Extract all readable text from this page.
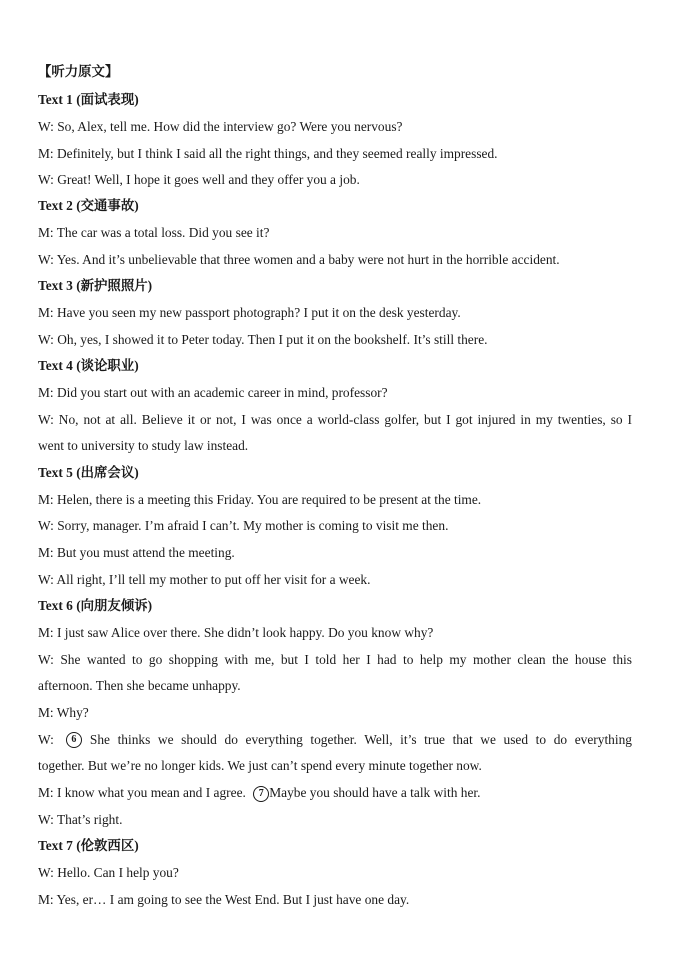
【听力原文】
Text 1 (面试表现)
W: So, Alex, tell me. How did the interview go? Were you nervous?
M: Definitely, but I think I said all the right things, and they seemed really impressed.
W: Great! Well, I hope it goes well and they offer you a job.
Text 2 (交通事故)
M: The car was a total loss. Did you see it?
W: Yes. And it’s unbelievable that three women and a baby were not hurt in the horrible accident.
Text 3 (新护照照片)
M: Have you seen my new passport photograph? I put it on the desk yesterday.
W: Oh, yes, I showed it to Peter today. Then I put it on the bookshelf. It’s still there.
Text 4 (谈论职业)
M: Did you start out with an academic career in mind, professor?
W: No, not at all. Believe it or not, I was once a world-class golfer, but I got injured in my twenties, so I
went to university to study law instead.
Text 5 (出席会议)
M: Helen, there is a meeting this Friday. You are required to be present at the time.
W: Sorry, manager. I’m afraid I can’t. My mother is coming to visit me then.
M: But you must attend the meeting.
W: All right, I’ll tell my mother to put off her visit for a week.
Text 6 (向朋友倾诉)
M: I just saw Alice over there. She didn’t look happy. Do you know why?
W: She wanted to go shopping with me, but I told her I had to help my mother clean the house this
afternoon. Then she became unhappy.
M: Why?
W:	6	She thinks we should do everything together. Well, it’s true that we used to do everything
together. But we’re no longer kids. We just can’t spend every minute together now.
M: I know what you mean and I agree. 7 Maybe you should have a talk with her.
W: That’s right.
Text 7 (伦敦西区)
W: Hello. Can I help you?
M: Yes, er… I am going to see the West End. But I just have one day.
